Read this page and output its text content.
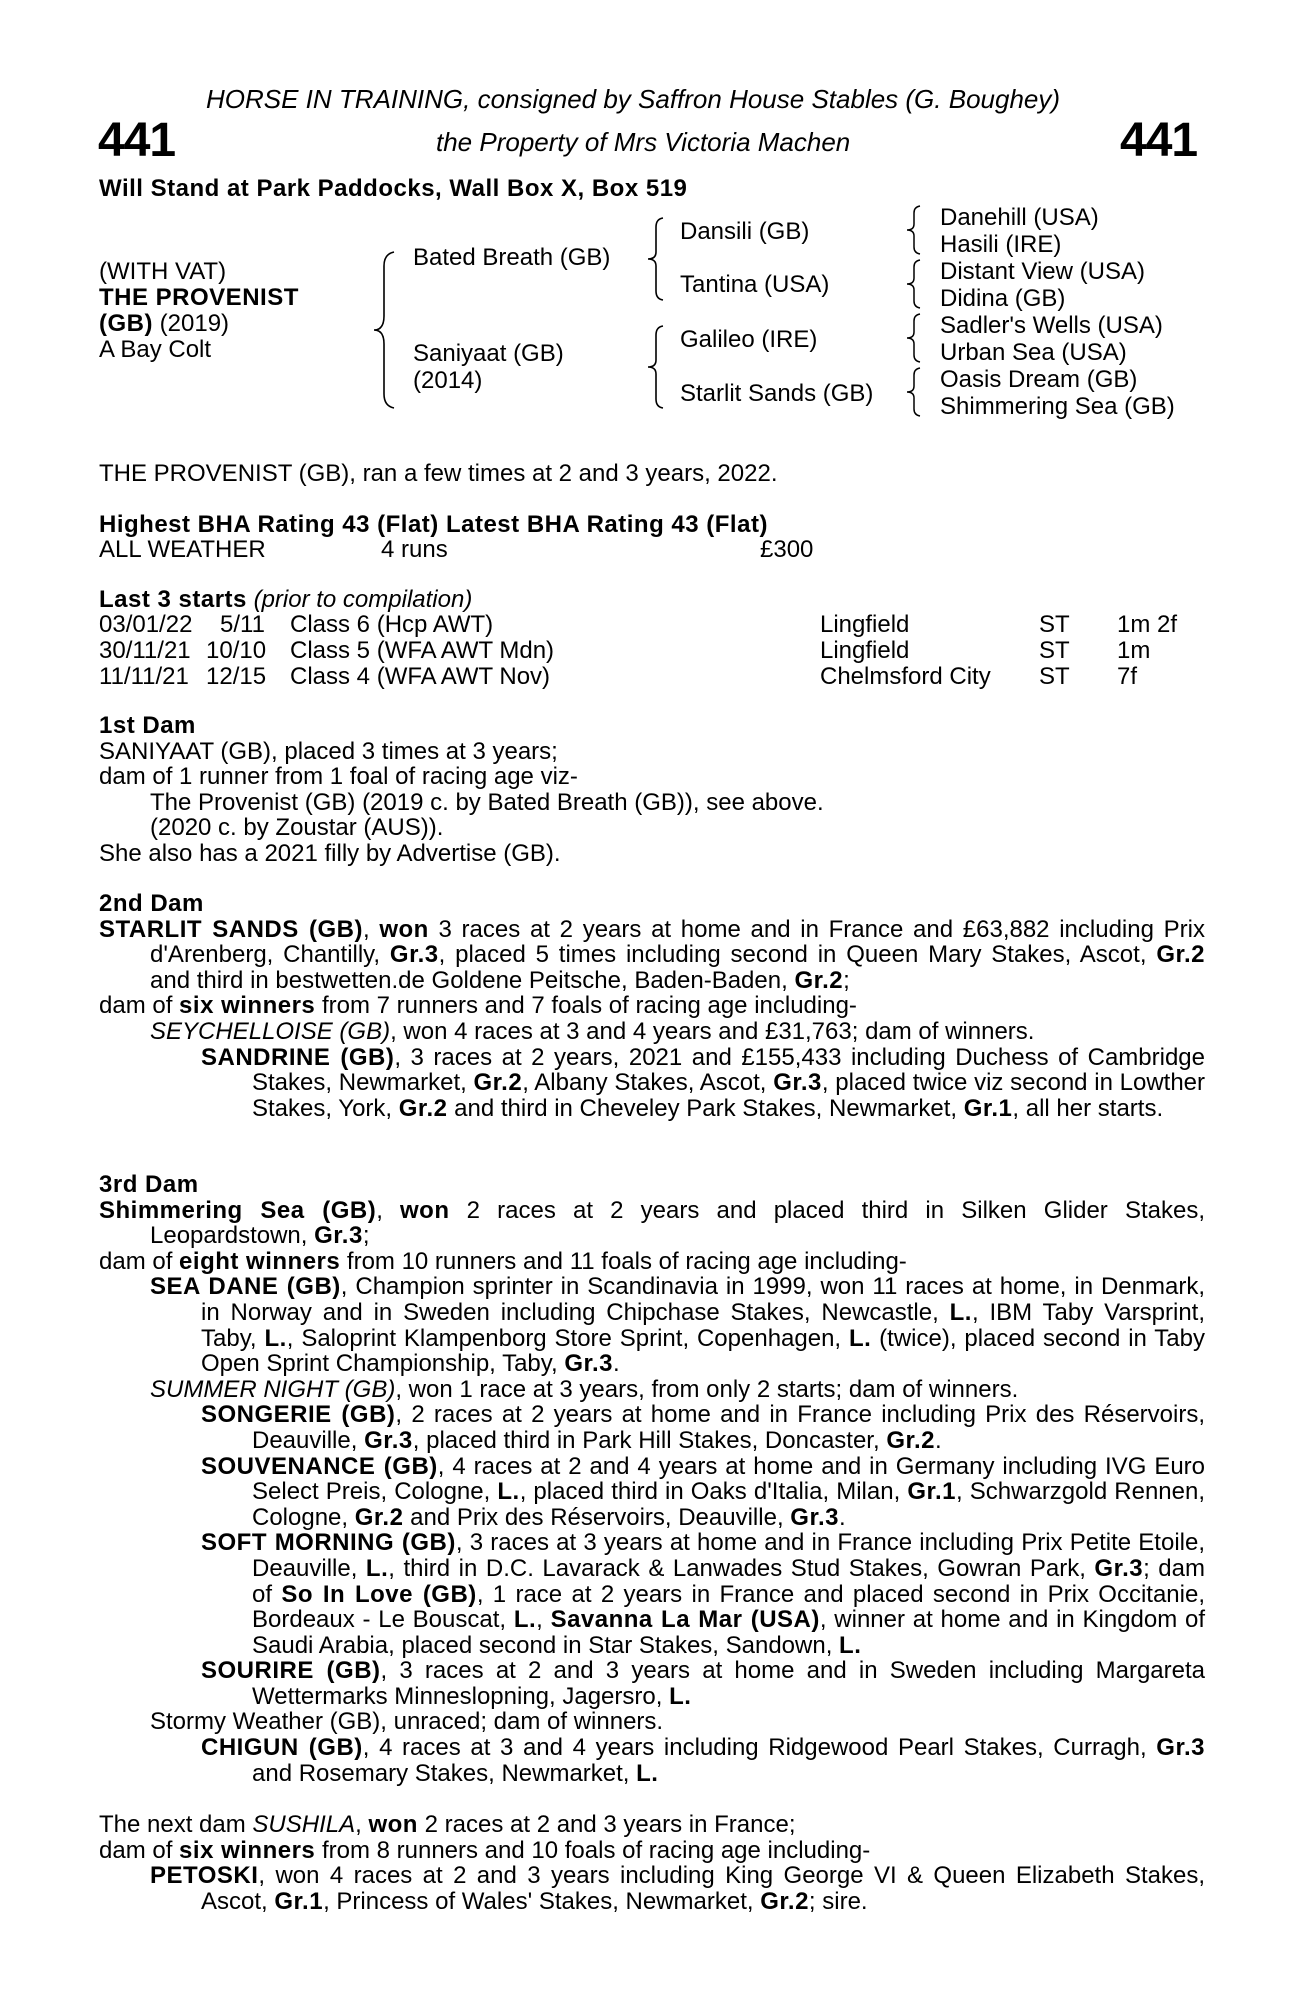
HORSE IN TRAINING, consigned by Saffron House Stables (G. Boughey)
441	the Property of Mrs Victoria Machen	441
Will Stand at Park Paddocks, Wall Box X, Box 519
(WITH VAT)
THE PROVENIST
(GB) (2019)
A Bay Colt
Bated Breath (GB)
Saniyaat (GB)
(2014)
Dansili (GB)
Tantina (USA)
Galileo (IRE)
Starlit Sands (GB)
Danehill (USA)
Hasili (IRE)
Distant View (USA)
Didina (GB)
Sadler's Wells (USA)
Urban Sea (USA)
Oasis Dream (GB)
Shimmering Sea (GB)
THE PROVENIST (GB), ran a few times at 2 and 3 years, 2022.
Highest BHA Rating 43 (Flat) Latest BHA Rating 43 (Flat)
ALL WEATHER	4 runs	£300
Last 3 starts (prior to compilation)
03/01/22 5/11 Class 6 (Hcp AWT)	Lingfield	ST 1m 2f
30/11/21 10/10 Class 5 (WFA AWT Mdn)	Lingfield	ST 1m
11/11/21 12/15 Class 4 (WFA AWT Nov)	Chelmsford City ST 7f

1st Dam

SANIYAAT (GB), placed 3 times at 3 years;

dam of 1 runner from 1 foal of racing age viz-

The Provenist (GB) (2019 c. by Bated Breath (GB)), see above.

(2020 c. by Zoustar (AUS)).

She also has a 2021 filly by Advertise (GB).

2nd Dam

STARLIT SANDS (GB), won 3 races at 2 years at home and in France and £63,882 including Prix d'Arenberg, Chantilly, Gr.3, placed 5 times including second in Queen Mary Stakes, Ascot, Gr.2 and third in bestwetten.de Goldene Peitsche, Baden-Baden, Gr.2;

dam of six winners from 7 runners and 7 foals of racing age including-

SEYCHELLOISE (GB), won 4 races at 3 and 4 years and £31,763; dam of winners.

SANDRINE (GB), 3 races at 2 years, 2021 and £155,433 including Duchess of Cambridge Stakes, Newmarket, Gr.2, Albany Stakes, Ascot, Gr.3, placed twice viz second in Lowther Stakes, York, Gr.2 and third in Cheveley Park Stakes, Newmarket, Gr.1, all her starts.

3rd Dam

Shimmering Sea (GB), won 2 races at 2 years and placed third in Silken Glider Stakes, Leopardstown, Gr.3;

dam of eight winners from 10 runners and 11 foals of racing age including-

SEA DANE (GB), Champion sprinter in Scandinavia in 1999, won 11 races at home, in Denmark, in Norway and in Sweden including Chipchase Stakes, Newcastle, L., IBM Taby Varsprint, Taby, L., Saloprint Klampenborg Store Sprint, Copenhagen, L. (twice), placed second in Taby Open Sprint Championship, Taby, Gr.3.

SUMMER NIGHT (GB), won 1 race at 3 years, from only 2 starts; dam of winners.

SONGERIE (GB), 2 races at 2 years at home and in France including Prix des Réservoirs, Deauville, Gr.3, placed third in Park Hill Stakes, Doncaster, Gr.2.

SOUVENANCE (GB), 4 races at 2 and 4 years at home and in Germany including IVG Euro Select Preis, Cologne, L., placed third in Oaks d'Italia, Milan, Gr.1, Schwarzgold Rennen, Cologne, Gr.2 and Prix des Réservoirs, Deauville, Gr.3.

SOFT MORNING (GB), 3 races at 3 years at home and in France including Prix Petite Etoile, Deauville, L., third in D.C. Lavarack & Lanwades Stud Stakes, Gowran Park, Gr.3; dam of So In Love (GB), 1 race at 2 years in France and placed second in Prix Occitanie, Bordeaux - Le Bouscat, L., Savanna La Mar (USA), winner at home and in Kingdom of Saudi Arabia, placed second in Star Stakes, Sandown, L.

SOURIRE (GB), 3 races at 2 and 3 years at home and in Sweden including Margareta Wettermarks Minneslopning, Jagersro, L.

Stormy Weather (GB), unraced; dam of winners.

CHIGUN (GB), 4 races at 3 and 4 years including Ridgewood Pearl Stakes, Curragh, Gr.3 and Rosemary Stakes, Newmarket, L.

The next dam SUSHILA, won 2 races at 2 and 3 years in France;

dam of six winners from 8 runners and 10 foals of racing age including-

PETOSKI, won 4 races at 2 and 3 years including King George VI & Queen Elizabeth Stakes, Ascot, Gr.1, Princess of Wales' Stakes, Newmarket, Gr.2; sire.
